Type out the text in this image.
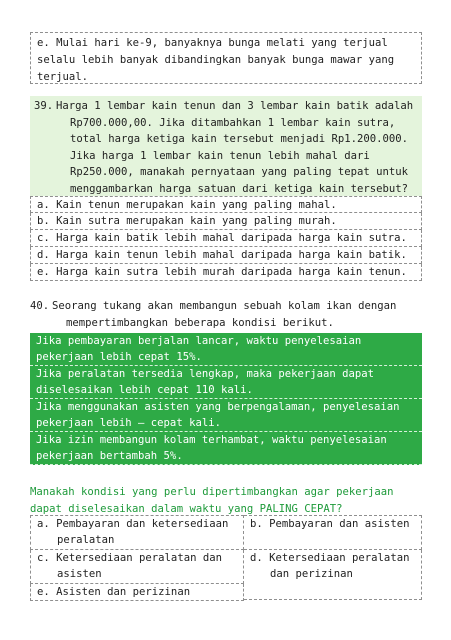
e. Mulai hari ke-9, banyaknya bunga melati yang terjual selalu lebih banyak dibandingkan banyak bunga mawar yang terjual.
39. Harga 1 lembar kain tenun dan 3 lembar kain batik adalah
Rp700.000,00. Jika ditambahkan 1 lembar kain sutra,
total harga ketiga kain tersebut menjadi Rp1.200.000.
Jika harga 1 lembar kain tenun lebih mahal dari
Rp250.000, manakah pernyataan yang paling tepat untuk
menggambarkan harga satuan dari ketiga kain tersebut?
a. Kain tenun merupakan kain yang paling mahal.
b. Kain sutra merupakan kain yang paling murah.
c. Harga kain batik lebih mahal daripada harga kain sutra.
d. Harga kain tenun lebih mahal daripada harga kain batik.
e. Harga kain sutra lebih murah daripada harga kain tenun.
40. Seorang tukang akan membangun sebuah kolam ikan dengan
mempertimbangkan beberapa kondisi berikut.
Jika pembayaran berjalan lancar, waktu penyelesaian
pekerjaan lebih cepat 15%.
Jika peralatan tersedia lengkap, maka pekerjaan dapat
diselesaikan lebih cepat 110 kali.
Jika menggunakan asisten yang berpengalaman, penyelesaian
pekerjaan lebih – cepat kali.
Jika izin membangun kolam terhambat, waktu penyelesaian
pekerjaan bertambah 5%.
Manakah kondisi yang perlu dipertimbangkan agar pekerjaan dapat diselesaikan dalam waktu yang PALING CEPAT?
a. Pembayaran dan ketersediaan
peralatan
b. Pembayaran dan asisten
c. Ketersediaan peralatan dan
asisten
d. Ketersediaan peralatan
dan perizinan
e. Asisten dan perizinan
